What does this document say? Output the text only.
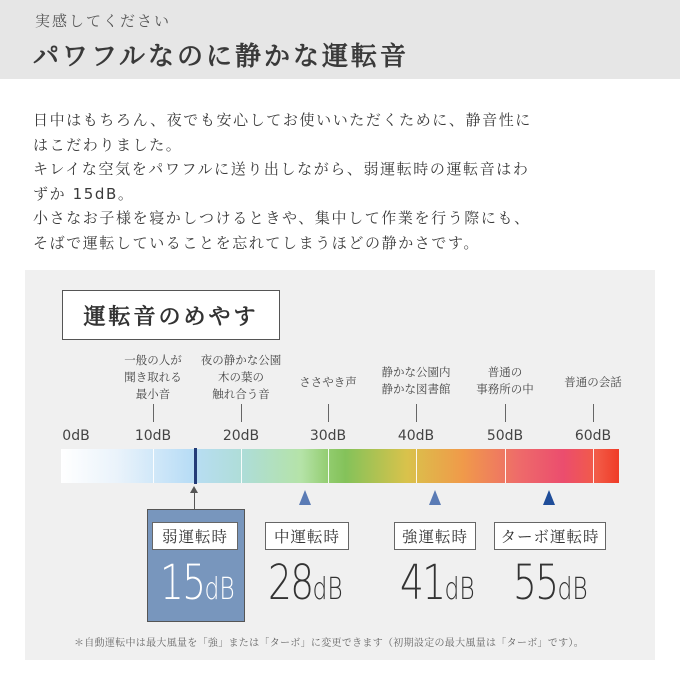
実感してください
パワフルなのに静かな運転音

日中はもちろん、夜でも安心してお使いいただくために、静音性に

はこだわりました。

キレイな空気をパワフルに送り出しながら、弱運転時の運転音はわ

ずか 15dB。

小さなお子様を寝かしつけるときや、集中して作業を行う際にも、

そばで運転していることを忘れてしまうほどの静かさです。

運転音のめやす
一般の人が
聞き取れる
最小音
夜の静かな公園
木の葉の
触れ合う音
ささやき声
静かな公園内
静かな図書館
普通の
事務所の中	普通の会話
0dB	10dB	20dB	30dB	40dB	50dB	60dB
弱運転時
15dB
中運転時
28dB
強運転時
41dB
ターボ運転時
55dB
＊自動運転中は最大風量を「強」または「ターボ」に変更できます（初期設定の最大風量は「ターボ」です）。
